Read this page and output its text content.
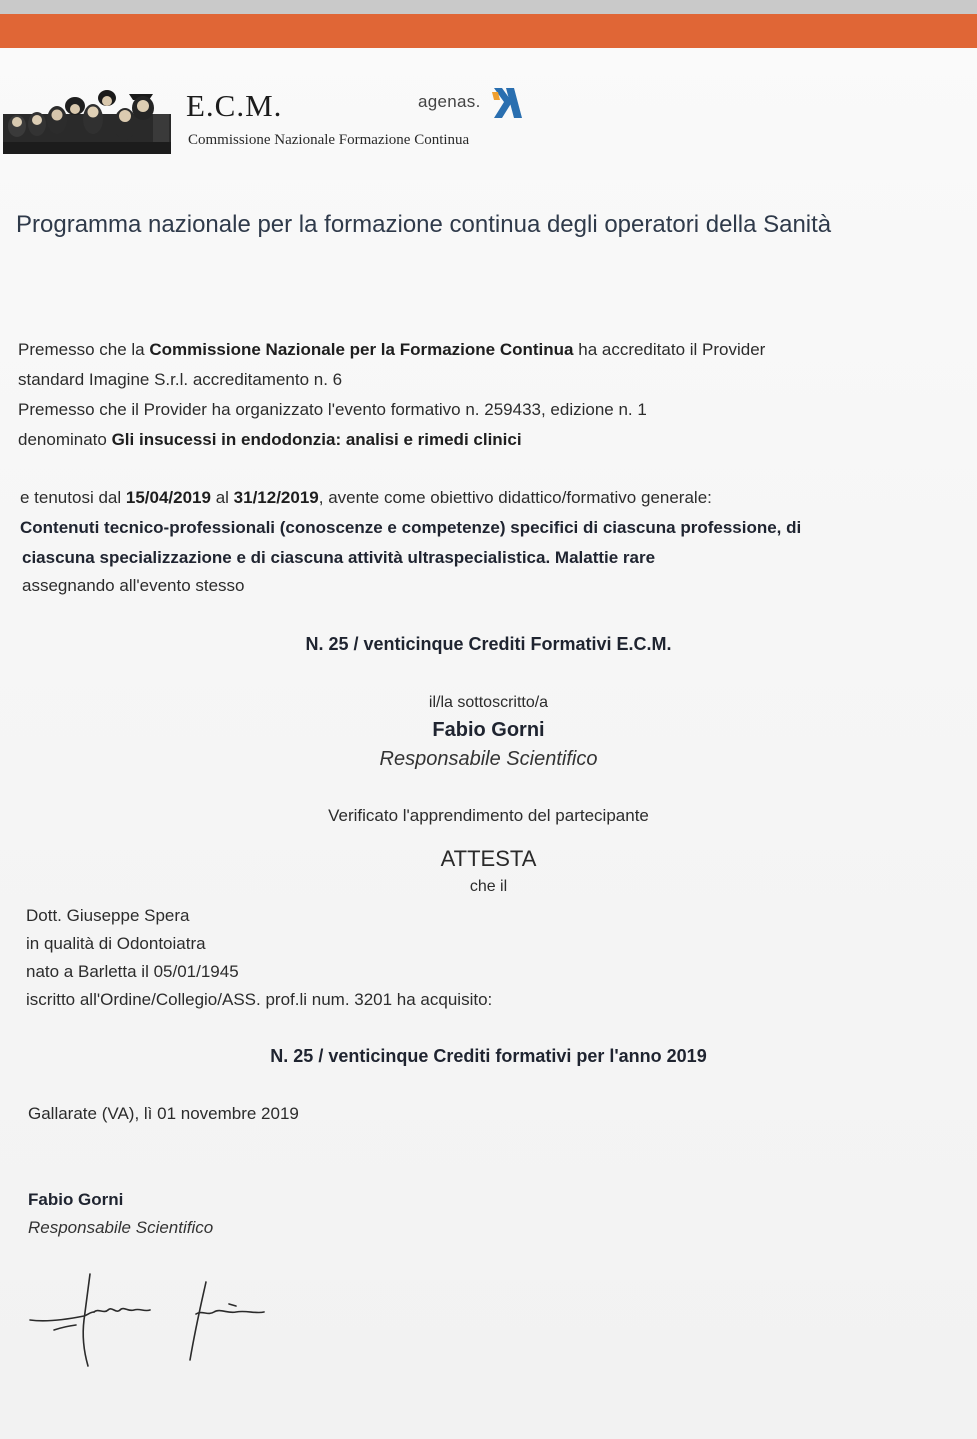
E.C.M.
Commissione Nazionale Formazione Continua
agenas.
Programma nazionale per la formazione continua degli operatori della Sanità
Premesso che la Commissione Nazionale per la Formazione Continua ha accreditato il Provider
standard Imagine S.r.l. accreditamento n. 6
Premesso che il Provider ha organizzato l'evento formativo n. 259433, edizione n. 1
denominato Gli insucessi in endodonzia: analisi e rimedi clinici
e tenutosi dal 15/04/2019 al 31/12/2019, avente come obiettivo didattico/formativo generale:
Contenuti tecnico-professionali (conoscenze e competenze) specifici di ciascuna professione, di
ciascuna specializzazione e di ciascuna attività ultraspecialistica. Malattie rare
assegnando all'evento stesso
N. 25 / venticinque Crediti Formativi E.C.M.
il/la sottoscritto/a
Fabio Gorni
Responsabile Scientifico
Verificato l'apprendimento del partecipante
ATTESTA
che il
Dott. Giuseppe Spera
in qualità di Odontoiatra
nato a Barletta il 05/01/1945
iscritto all'Ordine/Collegio/ASS. prof.li num. 3201 ha acquisito:
N. 25 / venticinque Crediti formativi per l'anno 2019
Gallarate (VA), lì 01 novembre 2019
Fabio Gorni
Responsabile Scientifico
